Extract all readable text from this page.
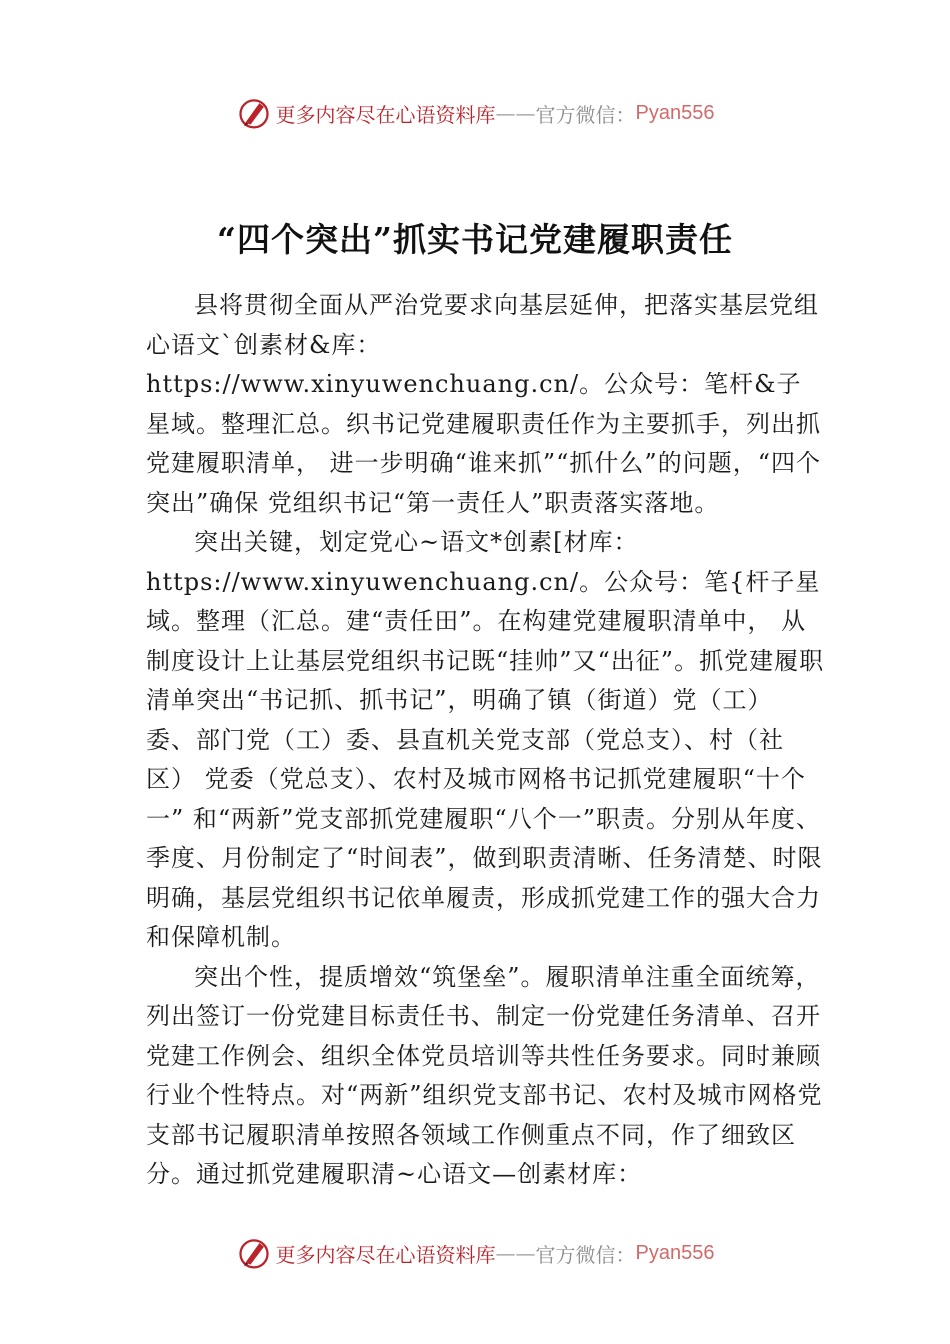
更多内容尽在心语资料库 —— 官方微信： Pyan556
“四个突出”抓实书记党建履职责任

县将贯彻全面从严治党要求向基层延伸，把落实基层党组心语文`创素材&库：https://www.xinyuwenchuang.cn/。公众号：笔杆&子星域。整理汇总。织书记党建履职责任作为主要抓手，列出抓党建履职清单， 进一步明确“谁来抓”“抓什么”的问题，“四个突出”确保 党组织书记“第一责任人”职责落实落地。

突出关键，划定党心~语文*创素[材库：https://www.xinyuwenchuang.cn/。公众号：笔{杆子星域。整理（汇总。建“责任田”。在构建党建履职清单中， 从制度设计上让基层党组织书记既“挂帅”又“出征”。抓党建履职清单突出“书记抓、抓书记”，明确了镇（街道）党（工） 委、部门党（工）委、县直机关党支部（党总支）、村（社区） 党委（党总支）、农村及城市网格书记抓党建履职“十个一” 和“两新”党支部抓党建履职“八个一”职责。分别从年度、季度、月份制定了“时间表”，做到职责清晰、任务清楚、时限明确，基层党组织书记依单履责，形成抓党建工作的强大合力和保障机制。

突出个性，提质增效“筑堡垒”。履职清单注重全面统筹，列出签订一份党建目标责任书、制定一份党建任务清单、召开党建工作例会、组织全体党员培训等共性任务要求。同时兼顾行业个性特点。对“两新”组织党支部书记、农村及城市网格党支部书记履职清单按照各领域工作侧重点不同，作了细致区分。通过抓党建履职清~心语文—创素材库：

更多内容尽在心语资料库 —— 官方微信： Pyan556
